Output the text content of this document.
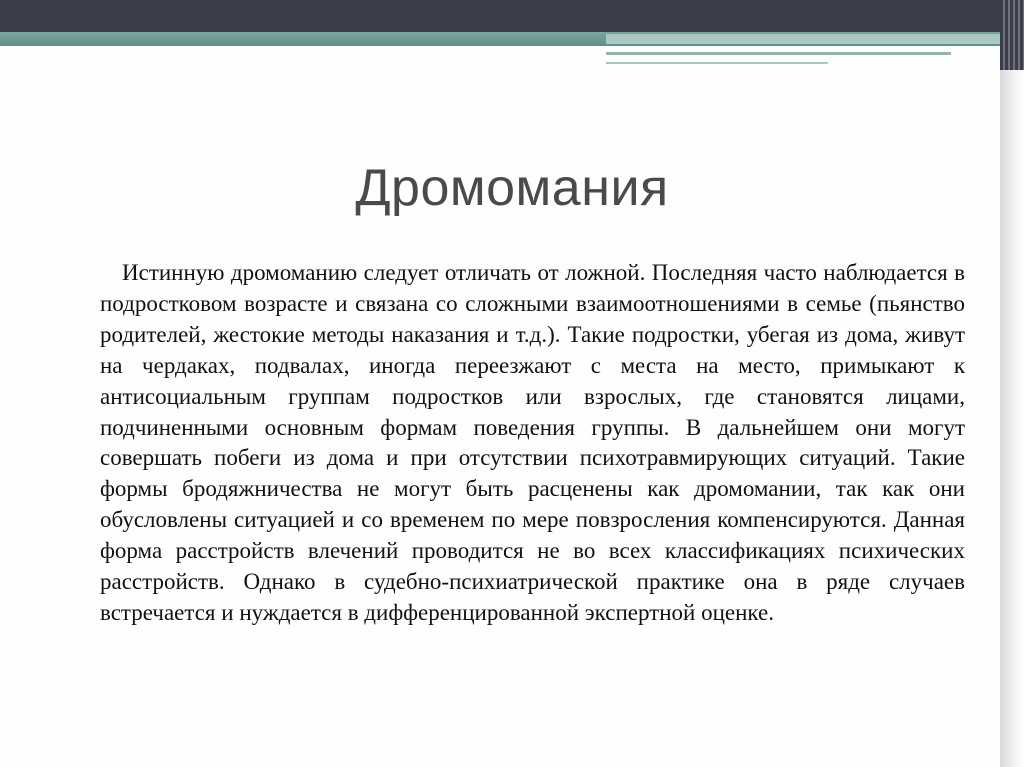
Дромомания

Истинную дромоманию следует отличать от ложной. Последняя часто наблюдается в подростковом возрасте и связана со сложными взаимоотношениями в семье (пьянство родителей, жестокие методы наказания и т.д.). Такие подростки, убегая из дома, живут на чердаках, подвалах, иногда переезжают с места на место, примыкают к антисоциальным группам подростков или взрослых, где становятся лицами, подчиненными основным формам поведения группы. В дальнейшем они могут совершать побеги из дома и при отсутствии психотравмирующих ситуаций. Такие формы бродяжничества не могут быть расценены как дромомании, так как они обусловлены ситуацией и со временем по мере повзросления компенсируются. Данная форма расстройств влечений проводится не во всех классификациях психических расстройств. Однако в судебно-психиатрической практике она в ряде случаев встречается и нуждается в дифференцированной экспертной оценке.
